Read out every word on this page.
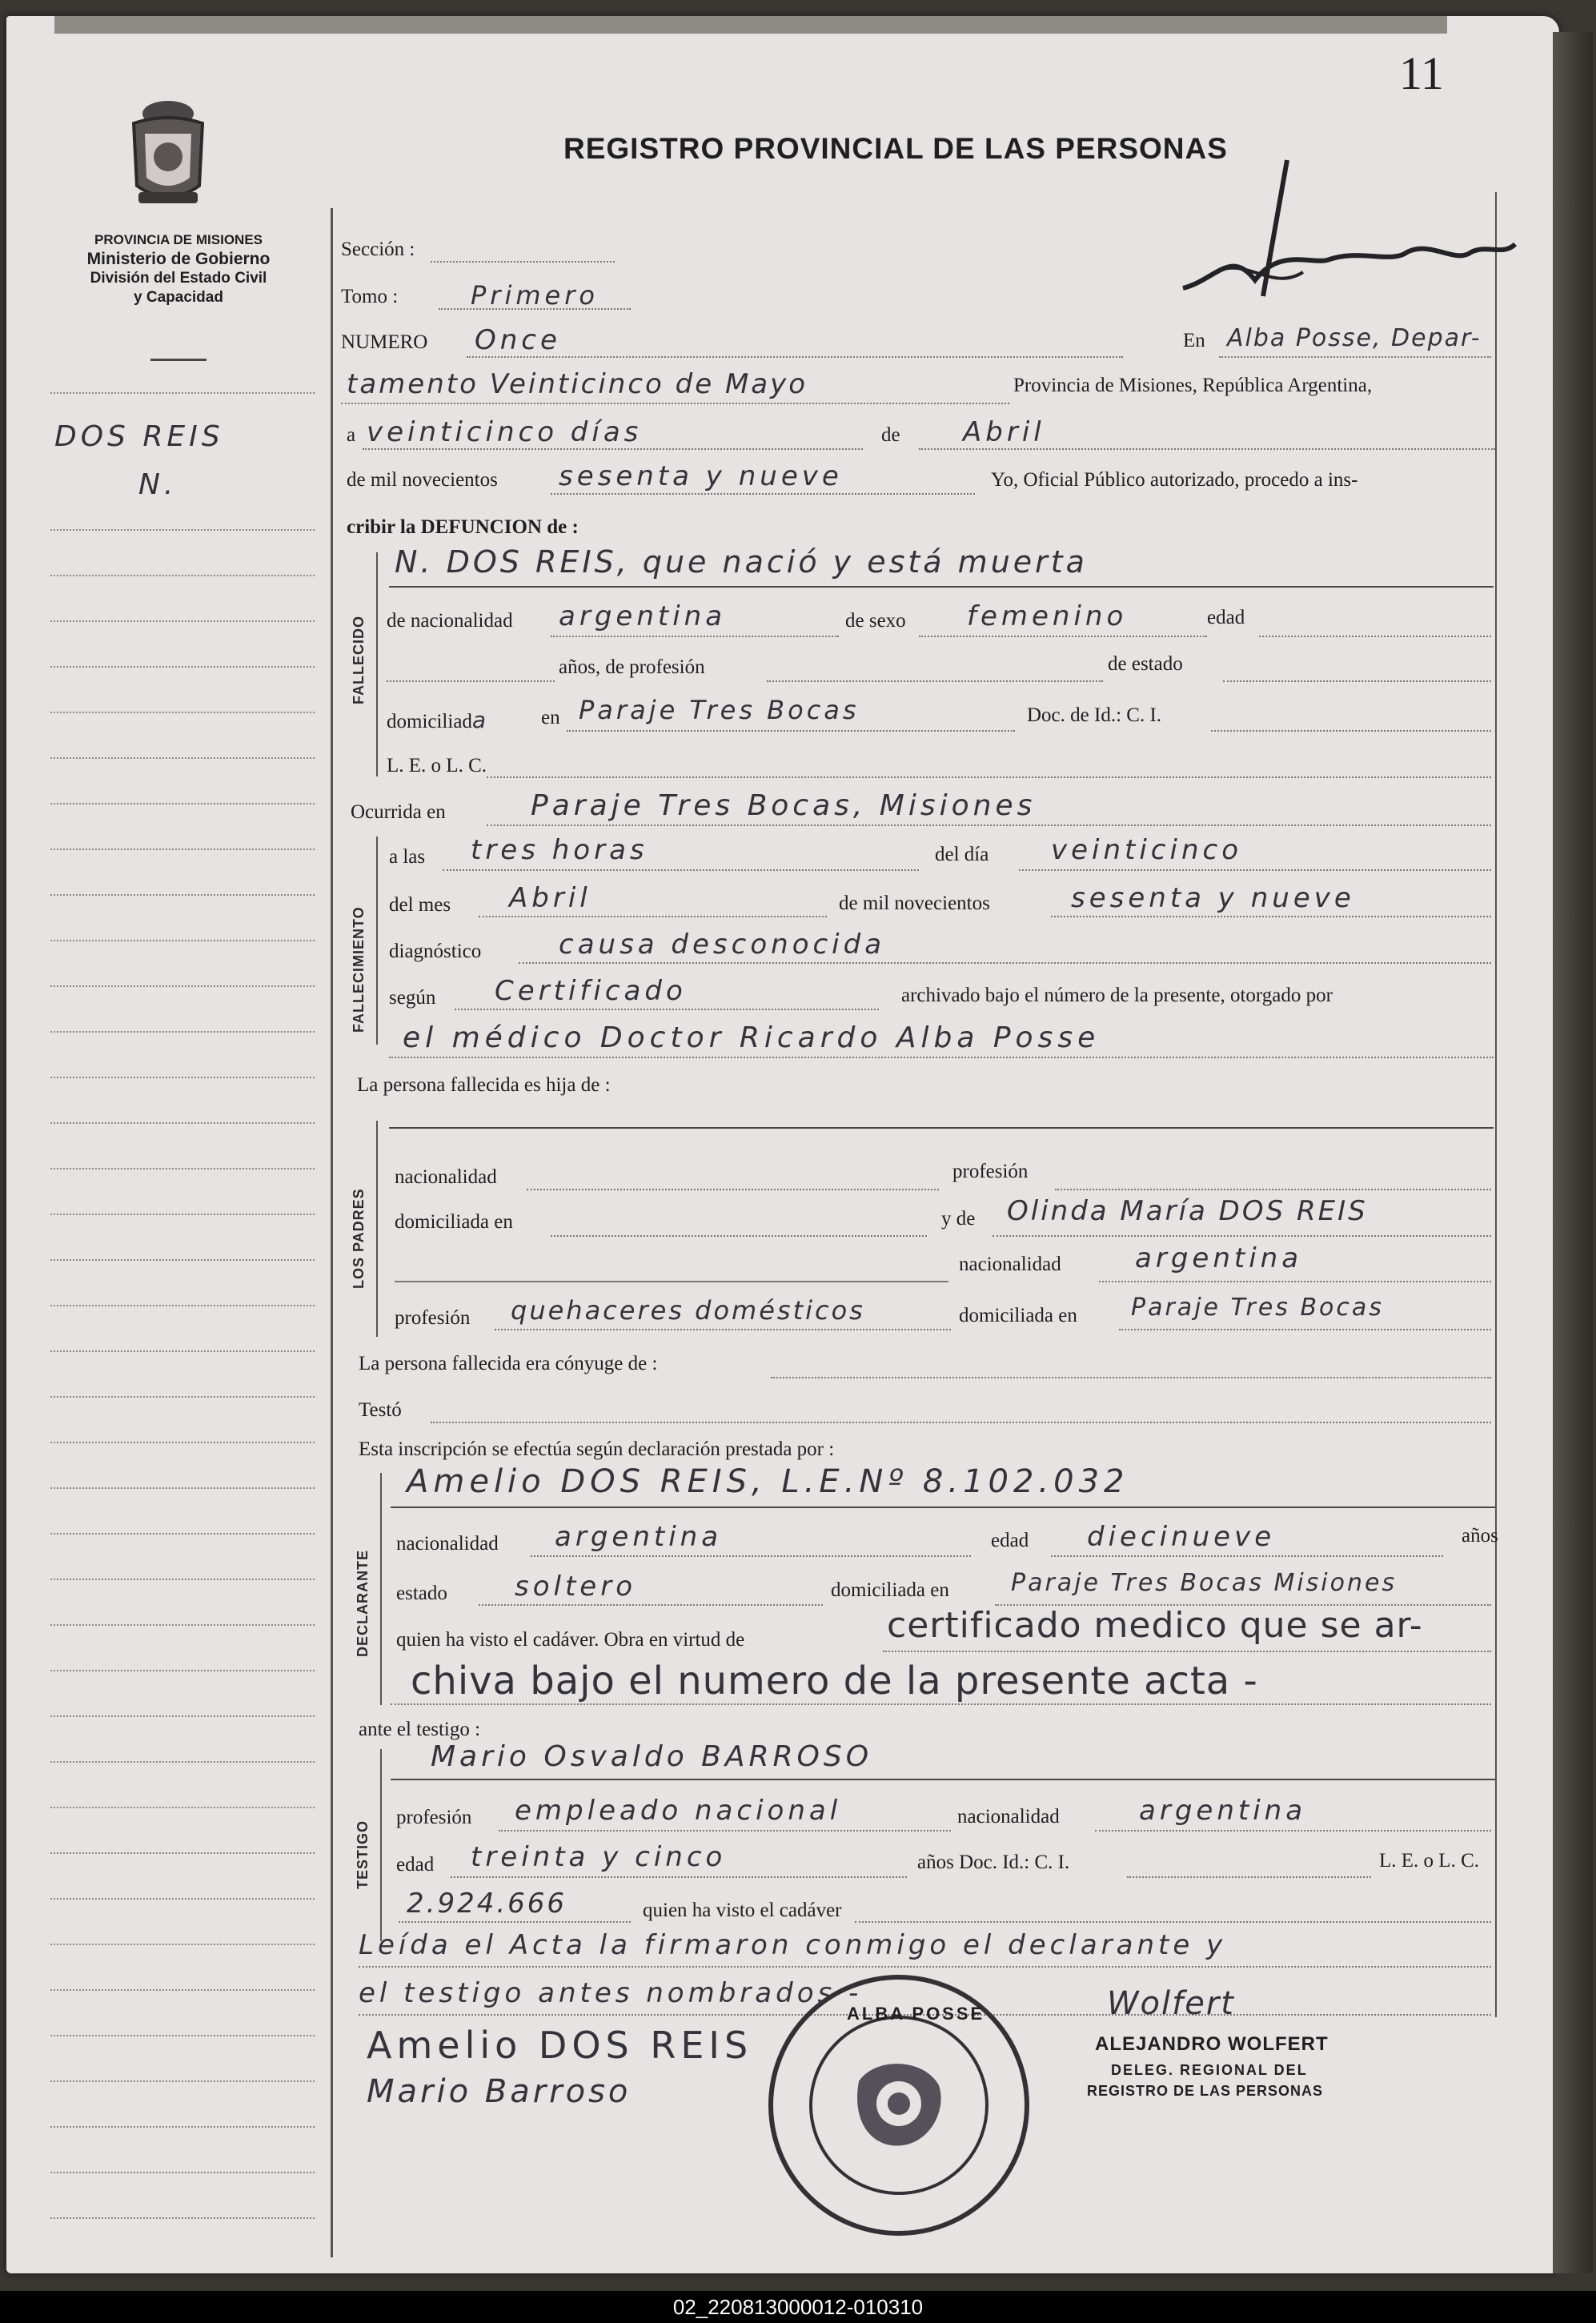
11
PROVINCIA DE MISIONES
Ministerio de Gobierno
División del Estado Civil
y Capacidad
DOS REIS
N.
REGISTRO PROVINCIAL DE LAS PERSONAS
Sección :
Tomo :	Primero
NUMERO Once	En Alba Posse, Depar-
tamento Veinticinco de Mayo	Provincia de Misiones, República Argentina,
a veinticinco días	de Abril
de mil novecientos sesenta y nueve	Yo, Oficial Público autorizado, procedo a ins-
cribir la DEFUNCION de :
FALLECIDO
N. DOS REIS, que nació y está muerta
de nacionalidad argentina	de sexo femenino	edad
años, de profesión	de estado
domiciliada	en Paraje Tres Bocas	Doc. de Id.: C. I.
L. E. o L. C.
Ocurrida en	Paraje Tres Bocas, Misiones
FALLECIMIENTO
a las tres horas	del día veinticinco
del mes Abril	de mil novecientos	sesenta y nueve
diagnóstico	causa desconocida
según Certificado	archivado bajo el número de la presente, otorgado por
el médico Doctor Ricardo Alba Posse
La persona fallecida es hija de :
LOS PADRES
nacionalidad	profesión
domiciliada en	y de Olinda María DOS REIS
nacionalidad	argentina
profesión quehaceres domésticos	domiciliada en Paraje Tres Bocas
La persona fallecida era cónyuge de :
Testó
Esta inscripción se efectúa según declaración prestada por :
DECLARANTE
Amelio DOS REIS, L.E.Nº 8.102.032
nacionalidad argentina	edad diecinueve	años
estado soltero	domiciliada en	Paraje Tres Bocas Misiones
quien ha visto el cadáver. Obra en virtud de	certificado medico que se ar-
chiva bajo el numero de la presente acta -
ante el testigo :
TESTIGO
Mario Osvaldo BARROSO
profesión empleado nacional	nacionalidad	argentina
edad treinta y cinco	años Doc. Id.: C. I.	L. E. o L. C.
2.924.666	quien ha visto el cadáver
Leída el Acta la firmaron conmigo el declarante y
el testigo antes nombrados -
Amelio DOS REIS
Mario Barroso
ALBA POSSE	Wolfert
ALEJANDRO WOLFERT
DELEG. REGIONAL DEL
REGISTRO DE LAS PERSONAS
02_220813000012-010310
